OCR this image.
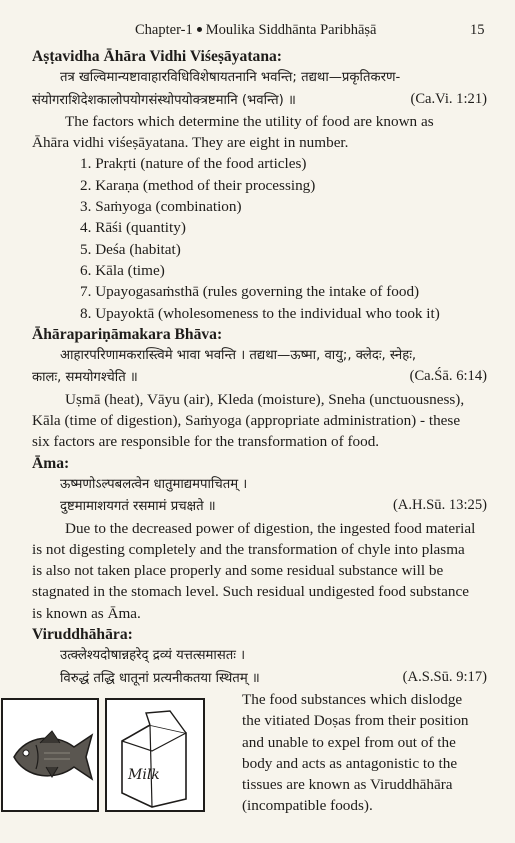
Chapter-1 Moulika Siddhānta Paribhāṣā	15
Aṣṭavidha Āhāra Vidhi Viśeṣāyatana:
तत्र खल्विमान्यष्टावाहारविधिविशेषायतनानि भवन्ति; तद्यथा—प्रकृतिकरण-
संयोगराशिदेशकालोपयोगसंस्थोपयोक्त्रष्टमानि (भवन्ति) ॥	(Ca.Vi. 1:21)
The factors which determine the utility of food are known as
Āhāra vidhi viśeṣāyatana. They are eight in number.
1. Prakṛti (nature of the food articles)
2. Karaṇa (method of their processing)
3. Saṁyoga (combination)
4. Rāśi (quantity)
5. Deśa (habitat)
6. Kāla (time)
7. Upayogasaṁsthā (rules governing the intake of food)
8. Upayoktā (wholesomeness to the individual who took it)
Āhārapariṇāmakara Bhāva:
आहारपरिणामकरास्त्विमे भावा भवन्ति । तद्यथा—ऊष्मा, वायु;, क्लेदः, स्नेहः,
कालः, समयोगश्चेति ॥	(Ca.Śā. 6:14)
Uṣmā (heat), Vāyu (air), Kleda (moisture), Sneha (unctuousness),
Kāla (time of digestion), Saṁyoga (appropriate administration) - these
six factors are responsible for the transformation of food.
Āma:
ऊष्मणोऽल्पबलत्वेन धातुमाद्यमपाचितम् ।
दुष्टमामाशयगतं रसमामं प्रचक्षते ॥	(A.H.Sū. 13:25)
Due to the decreased power of digestion, the ingested food material
is not digesting completely and the transformation of chyle into plasma
is also not taken place properly and some residual substance will be
stagnated in the stomach level. Such residual undigested food substance
is known as Āma.
Viruddhāhāra:
उत्क्लेश्यदोषान्नहरेद् द्रव्यं यत्तत्समासतः ।
विरुद्धं तद्धि धातूनां प्रत्यनीकतया स्थितम् ॥	(A.S.Sū. 9:17)
Milk
The food substances which dislodge
the vitiated Doṣas from their position
and unable to expel from out of the
body and acts as antagonistic to the
tissues are known as Viruddhāhāra
(incompatible foods).
